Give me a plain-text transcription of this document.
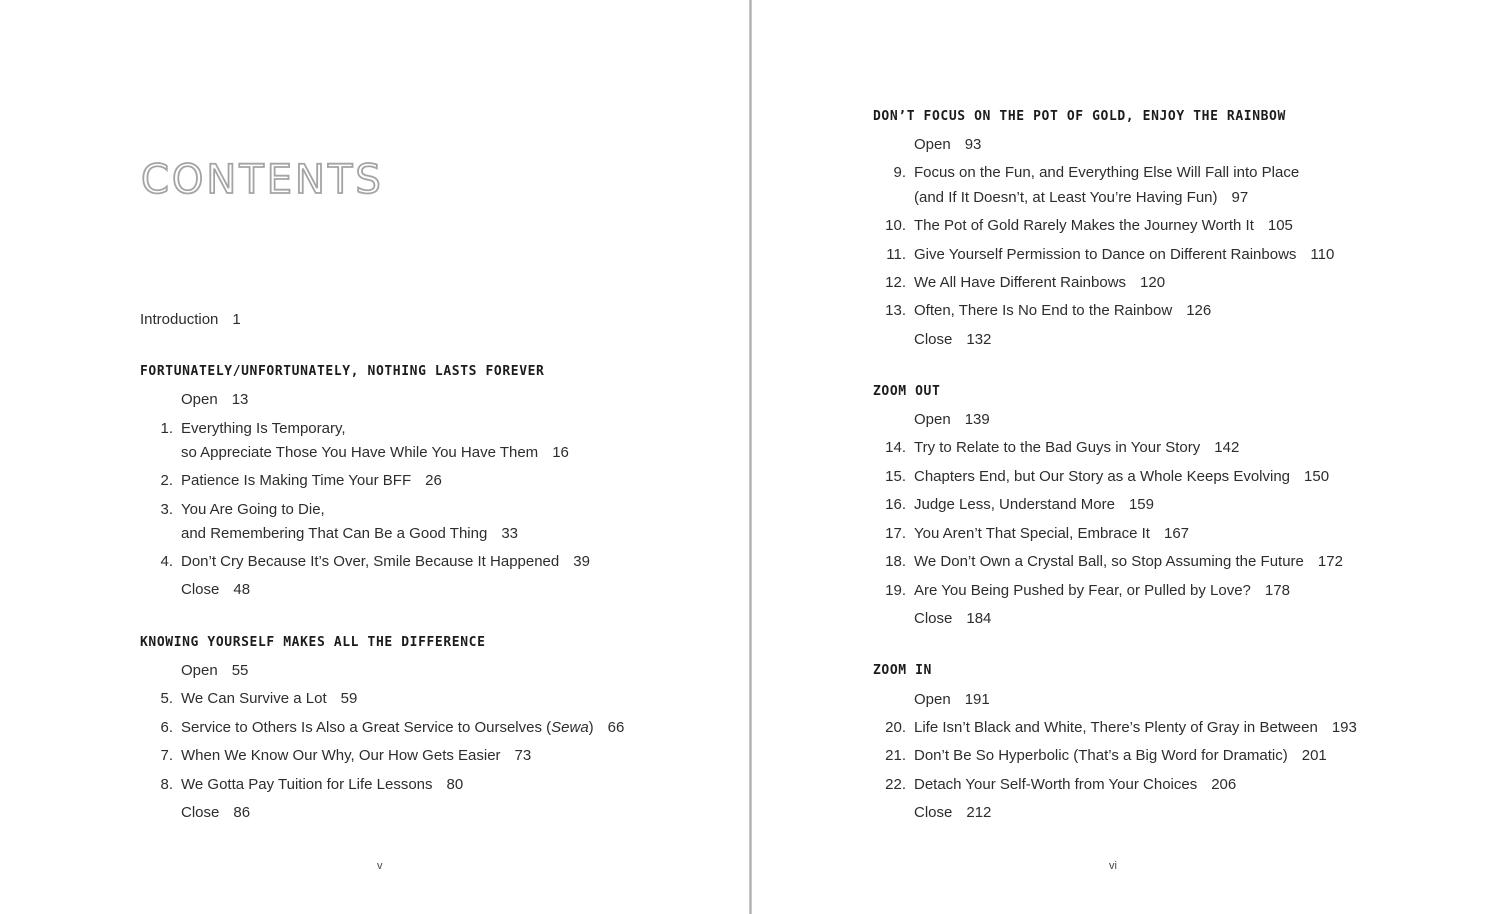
CONTENTS
Introduction 1
FORTUNATELY/UNFORTUNATELY, NOTHING LASTS FOREVER
Open 13
1. Everything Is Temporary,
so Appreciate Those You Have While You Have Them 16
2. Patience Is Making Time Your BFF 26
3. You Are Going to Die,
and Remembering That Can Be a Good Thing 33
4. Don’t Cry Because It’s Over, Smile Because It Happened 39
Close 48
KNOWING YOURSELF MAKES ALL THE DIFFERENCE
Open 55
5. We Can Survive a Lot 59
6. Service to Others Is Also a Great Service to Ourselves (Sewa) 66
7. When We Know Our Why, Our How Gets Easier 73
8. We Gotta Pay Tuition for Life Lessons 80
Close 86
v
DON’T FOCUS ON THE POT OF GOLD, ENJOY THE RAINBOW
Open 93
9. Focus on the Fun, and Everything Else Will Fall into Place
(and If It Doesn’t, at Least You’re Having Fun) 97
10. The Pot of Gold Rarely Makes the Journey Worth It 105
11. Give Yourself Permission to Dance on Different Rainbows 110
12. We All Have Different Rainbows 120
13. Often, There Is No End to the Rainbow 126
Close 132
ZOOM OUT
Open 139
14. Try to Relate to the Bad Guys in Your Story 142
15. Chapters End, but Our Story as a Whole Keeps Evolving 150
16. Judge Less, Understand More 159
17. You Aren’t That Special, Embrace It 167
18. We Don’t Own a Crystal Ball, so Stop Assuming the Future 172
19. Are You Being Pushed by Fear, or Pulled by Love? 178
Close 184
ZOOM IN
Open 191
20. Life Isn’t Black and White, There’s Plenty of Gray in Between 193
21. Don’t Be So Hyperbolic (That’s a Big Word for Dramatic) 201
22. Detach Your Self-Worth from Your Choices 206
Close 212
vi
